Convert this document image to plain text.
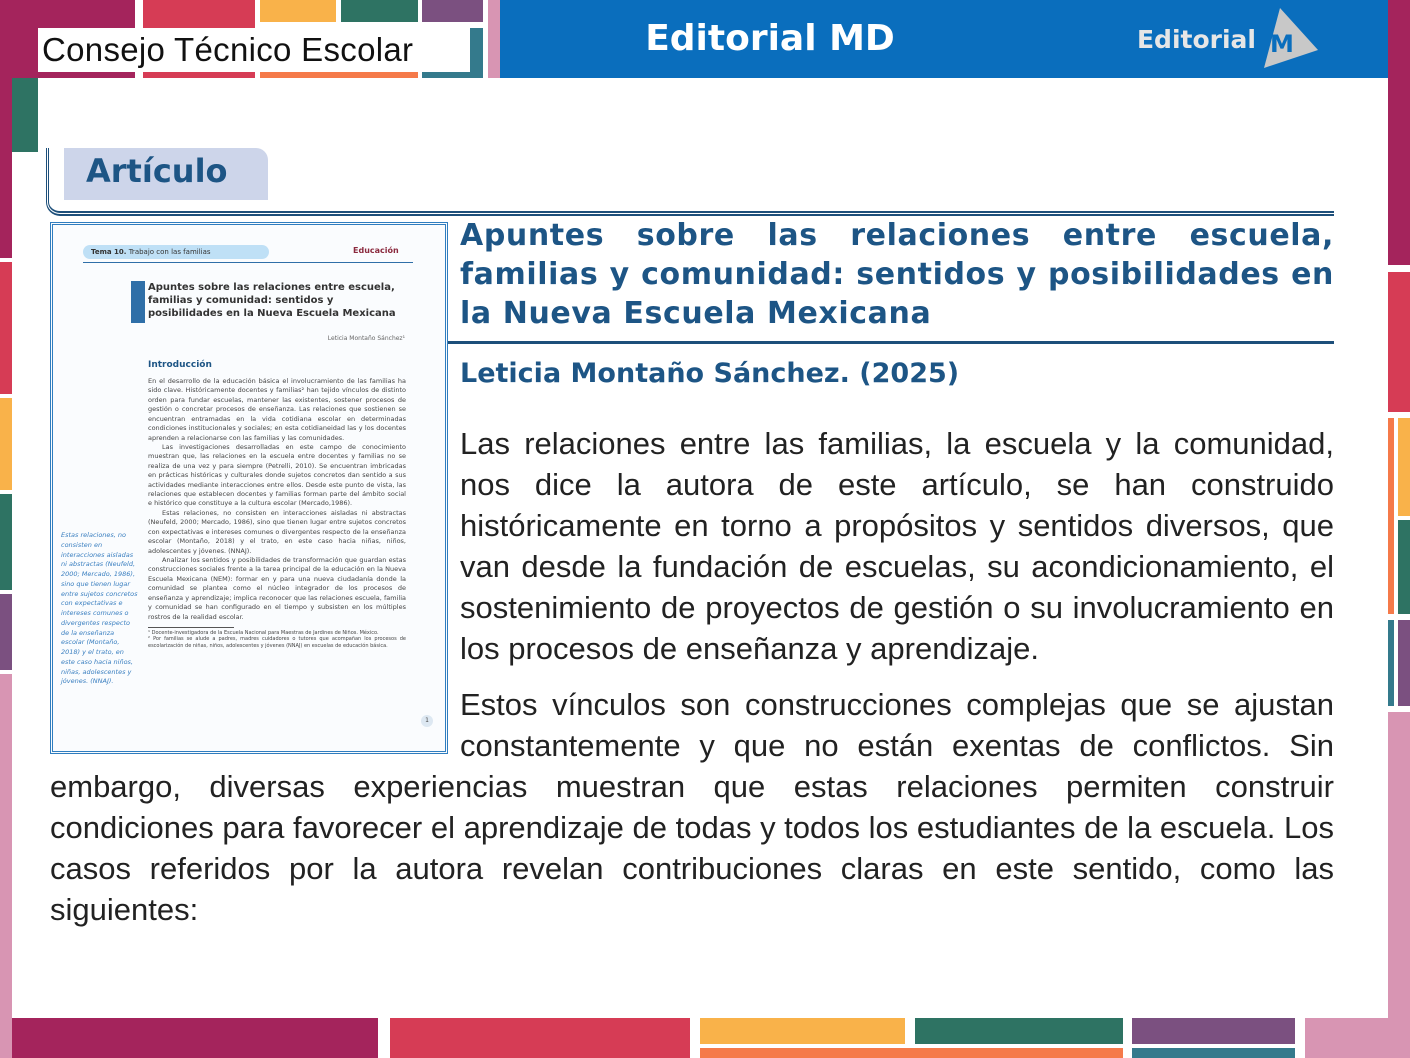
Editorial MD	Editorial M
Consejo Técnico Escolar
Artículo
Tema 10. Trabajo con las familias	Educación
Apuntes sobre las relaciones entre escuela, familias y comunidad: sentidos y posibilidades en la Nueva Escuela Mexicana
Leticia Montaño Sánchez¹
Introducción

En el desarrollo de la educación básica el involucramiento de las familias ha sido clave. Históricamente docentes y familias² han tejido vínculos de distinto orden para fundar escuelas, mantener las existentes, sostener procesos de gestión o concretar procesos de enseñanza. Las relaciones que sostienen se encuentran entramadas en la vida cotidiana escolar en determinadas condiciones institucionales y sociales; en esta cotidianeidad las y los docentes aprenden a relacionarse con las familias y las comunidades.

Las investigaciones desarrolladas en este campo de conocimiento muestran que, las relaciones en la escuela entre docentes y familias no se realiza de una vez y para siempre (Petrelli, 2010). Se encuentran imbricadas en prácticas históricas y culturales donde sujetos concretos dan sentido a sus actividades mediante interacciones entre ellos. Desde este punto de vista, las relaciones que establecen docentes y familias forman parte del ámbito social e histórico que constituye a la cultura escolar (Mercado,1986).

Estas relaciones, no consisten en interacciones aisladas ni abstractas (Neufeld, 2000; Mercado, 1986), sino que tienen lugar entre sujetos concretos con expectativas e intereses comunes o divergentes respecto de la enseñanza escolar (Montaño, 2018) y el trato, en este caso hacia niñas, niños, adolescentes y jóvenes. (NNAJ).

Analizar los sentidos y posibilidades de transformación que guardan estas construcciones sociales frente a la tarea principal de la educación en la Nueva Escuela Mexicana (NEM): formar en y para una nueva ciudadanía donde la comunidad se plantea como el núcleo integrador de los procesos de enseñanza y aprendizaje; implica reconocer que las relaciones escuela, familia y comunidad se han configurado en el tiempo y subsisten en los múltiples rostros de la realidad escolar.

¹ Docente-investigadora de la Escuela Nacional para Maestras de Jardines de Niños. México.

² Por familias se alude a padres, madres cuidadores o tutores que acompañan los procesos de escolarización de niñas, niños, adolescentes y jóvenes (NNAJ) en escuelas de educación básica.

Estas relaciones, no consisten en interacciones aisladas ni abstractas (Neufeld, 2000; Mercado, 1986), sino que tienen lugar entre sujetos concretos con expectativas e intereses comunes o divergentes respecto de la enseñanza escolar (Montaño, 2018) y el trato, en este caso hacia niños, niñas, adolescentes y jóvenes. (NNAJ).
1
Apuntes sobre las relaciones entre escuela, familias y comunidad: sentidos y posibilidades en la Nueva Escuela Mexicana
Leticia Montaño Sánchez. (2025)

Las relaciones entre las familias, la escuela y la comunidad, nos dice la autora de este artículo, se han construido históricamente en torno a propósitos y sentidos diversos, que van desde la fundación de escuelas, su acondicionamiento, el sostenimiento de proyectos de gestión o su involucramiento en los procesos de enseñanza y aprendizaje.

Estos vínculos son construcciones complejas que se ajustan constantemente y que no están exentas de conflictos. Sin embargo, diversas experiencias muestran que estas relaciones permiten construir condiciones para favorecer el aprendizaje de todas y todos los estudiantes de la escuela. Los casos referidos por la autora revelan contribuciones claras en este sentido, como las siguientes:
